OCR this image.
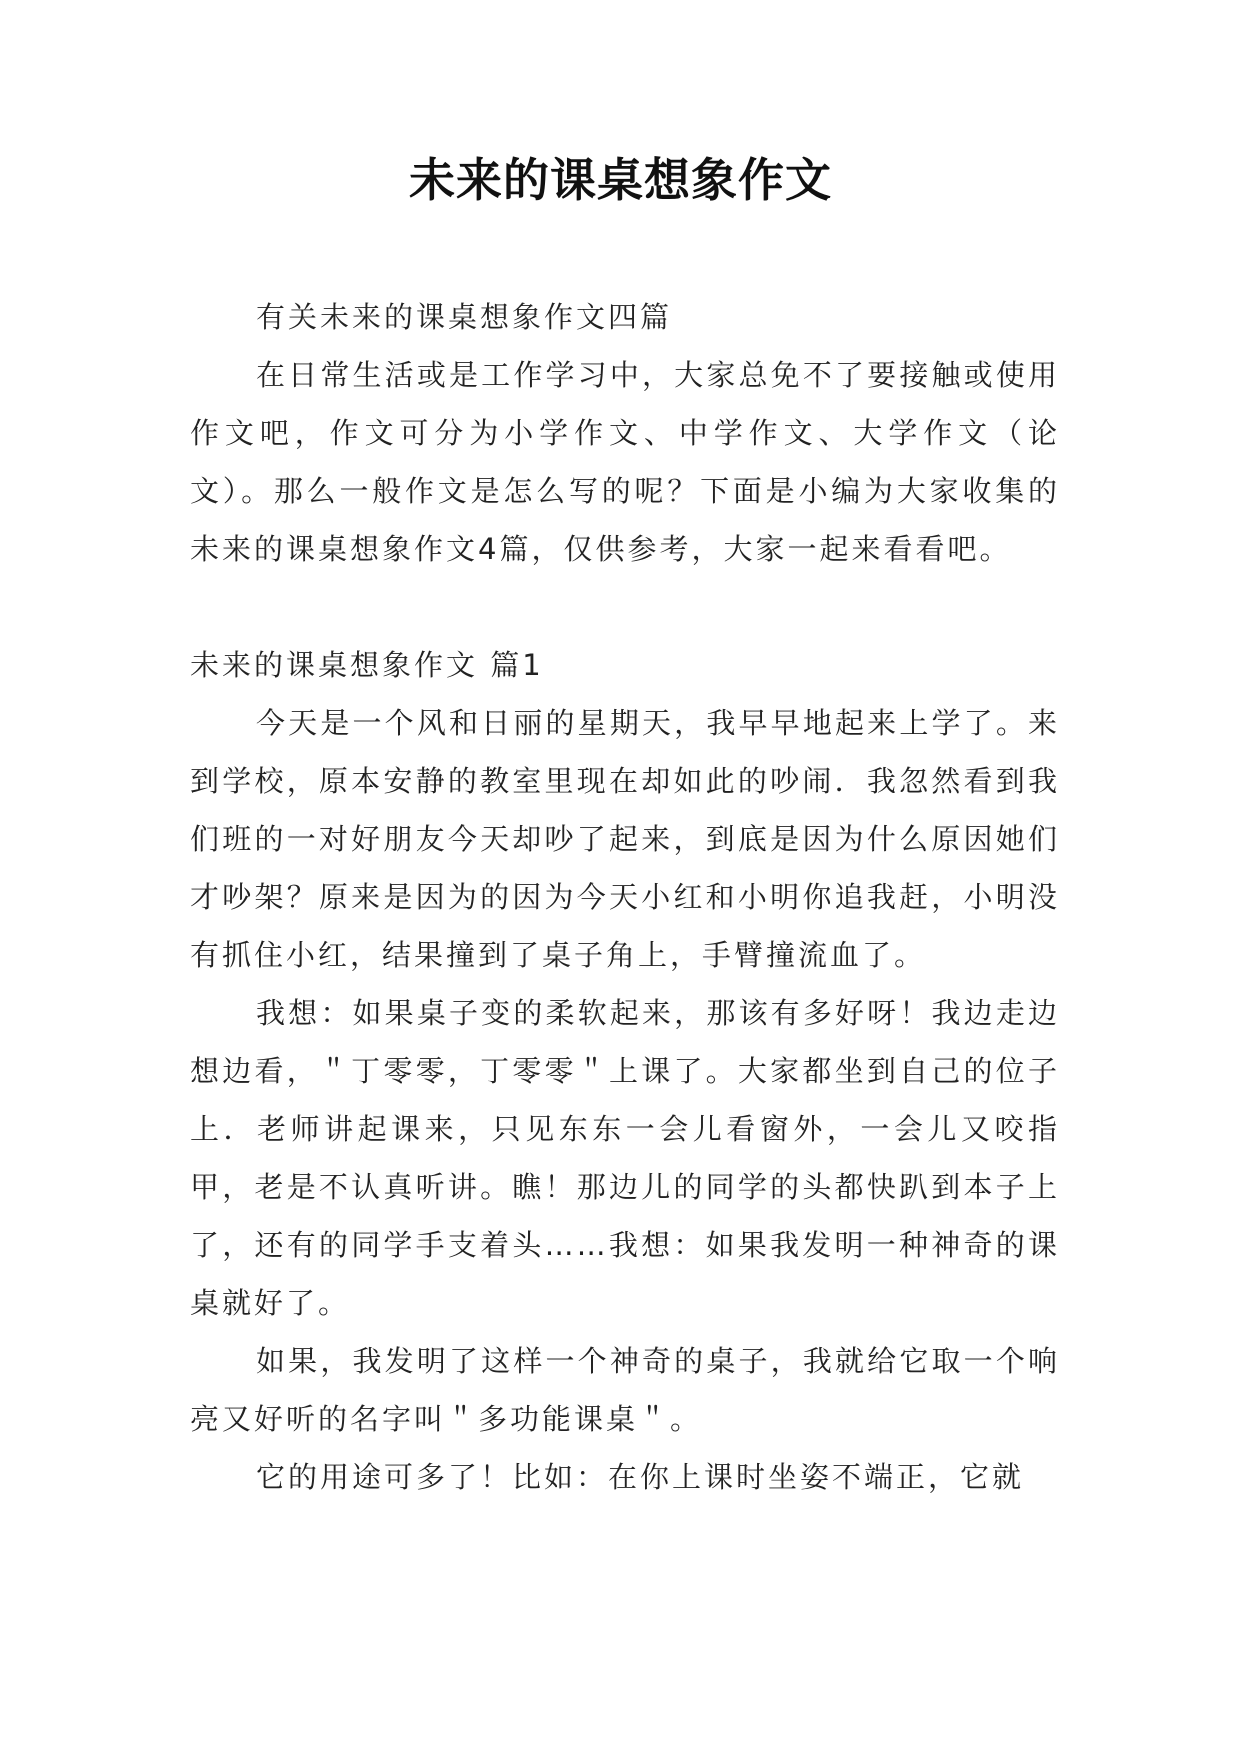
未来的课桌想象作文

有关未来的课桌想象作文四篇

在日常生活或是工作学习中，大家总免不了要接触或使用作文吧，作文可分为小学作文、中学作文、大学作文（论文）。那么一般作文是怎么写的呢？下面是小编为大家收集的未来的课桌想象作文4篇，仅供参考，大家一起来看看吧。

未来的课桌想象作文 篇1

今天是一个风和日丽的星期天，我早早地起来上学了。来到学校，原本安静的教室里现在却如此的吵闹．我忽然看到我们班的一对好朋友今天却吵了起来，到底是因为什么原因她们才吵架？原来是因为的因为今天小红和小明你追我赶，小明没有抓住小红，结果撞到了桌子角上，手臂撞流血了。

我想：如果桌子变的柔软起来，那该有多好呀！我边走边想边看，＂丁零零，丁零零＂上课了。大家都坐到自己的位子上．老师讲起课来，只见东东一会儿看窗外，一会儿又咬指甲，老是不认真听讲。瞧！那边儿的同学的头都快趴到本子上了，还有的同学手支着头……我想：如果我发明一种神奇的课桌就好了。

如果，我发明了这样一个神奇的桌子，我就给它取一个响亮又好听的名字叫＂多功能课桌＂。

它的用途可多了！比如：在你上课时坐姿不端正，它就
